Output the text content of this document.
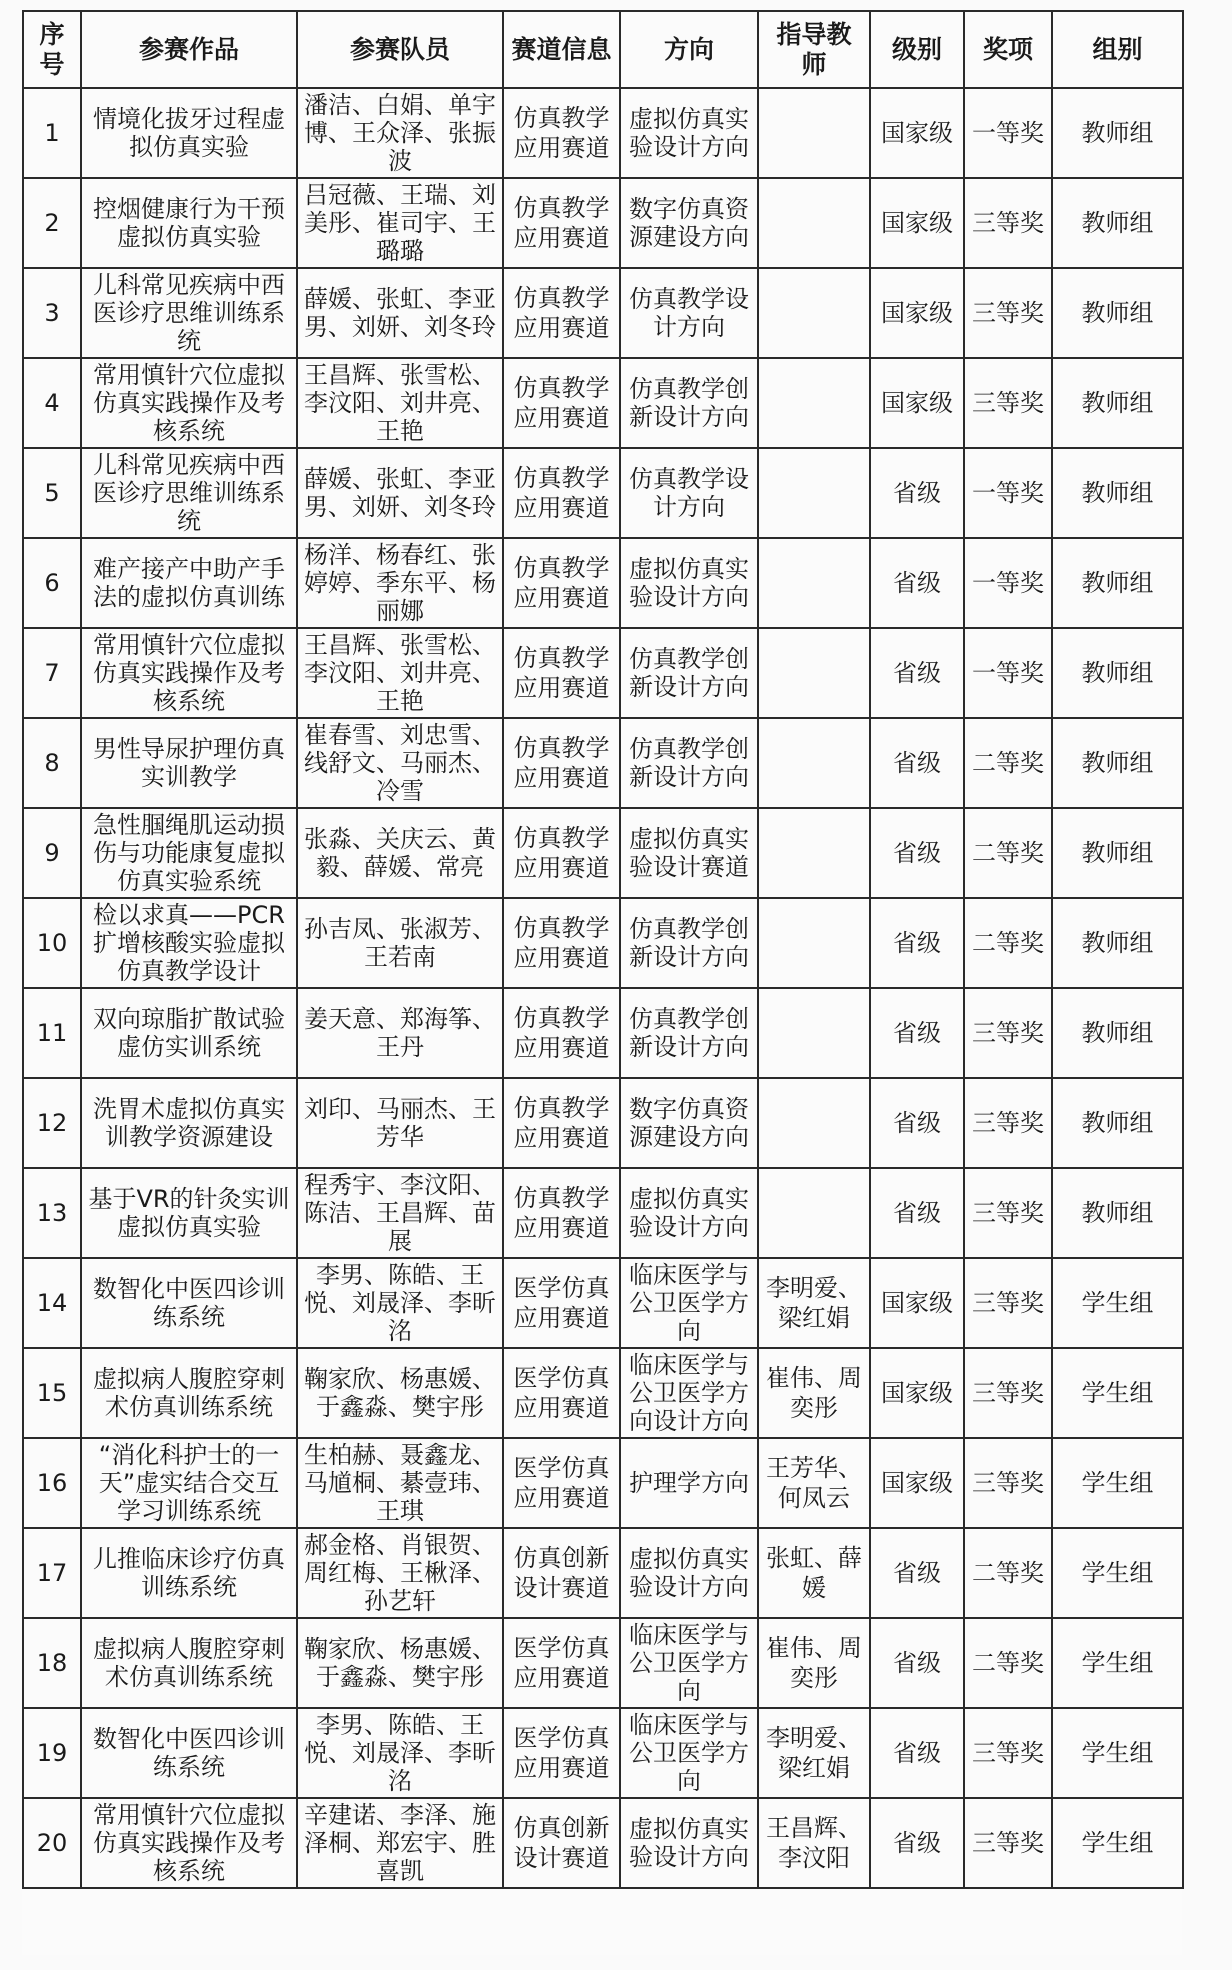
序号	参赛作品	参赛队员	赛道信息	方向	指导教师	级别	奖项	组别
1	情境化拔牙过程虚拟仿真实验	潘洁、白娟、单宇博、王众泽、张振波	仿真教学应用赛道	虚拟仿真实验设计方向		国家级	一等奖	教师组
2	控烟健康行为干预虚拟仿真实验	吕冠薇、王瑞、刘美彤、崔司宇、王璐璐	仿真教学应用赛道	数字仿真资源建设方向		国家级	三等奖	教师组
3	儿科常见疾病中西医诊疗思维训练系统	薛媛、张虹、李亚男、刘妍、刘冬玲	仿真教学应用赛道	仿真教学设计方向		国家级	三等奖	教师组
4	常用慎针穴位虚拟仿真实践操作及考核系统	王昌辉、张雪松、李汶阳、刘井亮、王艳	仿真教学应用赛道	仿真教学创新设计方向		国家级	三等奖	教师组
5	儿科常见疾病中西医诊疗思维训练系统	薛媛、张虹、李亚男、刘妍、刘冬玲	仿真教学应用赛道	仿真教学设计方向		省级	一等奖	教师组
6	难产接产中助产手法的虚拟仿真训练	杨洋、杨春红、张婷婷、季东平、杨丽娜	仿真教学应用赛道	虚拟仿真实验设计方向		省级	一等奖	教师组
7	常用慎针穴位虚拟仿真实践操作及考核系统	王昌辉、张雪松、李汶阳、刘井亮、王艳	仿真教学应用赛道	仿真教学创新设计方向		省级	一等奖	教师组
8	男性导尿护理仿真实训教学	崔春雪、刘忠雪、线舒文、马丽杰、冷雪	仿真教学应用赛道	仿真教学创新设计方向		省级	二等奖	教师组
9	急性腘绳肌运动损伤与功能康复虚拟仿真实验系统	张淼、关庆云、黄毅、薛媛、常亮	仿真教学应用赛道	虚拟仿真实验设计赛道		省级	二等奖	教师组
10	检以求真——PCR扩增核酸实验虚拟仿真教学设计	孙吉凤、张淑芳、王若南	仿真教学应用赛道	仿真教学创新设计方向		省级	二等奖	教师组
11	双向琼脂扩散试验虚仿实训系统	姜天意、郑海筝、王丹	仿真教学应用赛道	仿真教学创新设计方向		省级	三等奖	教师组
12	洗胃术虚拟仿真实训教学资源建设	刘印、马丽杰、王芳华	仿真教学应用赛道	数字仿真资源建设方向		省级	三等奖	教师组
13	基于VR的针灸实训虚拟仿真实验	程秀宇、李汶阳、陈洁、王昌辉、苗展	仿真教学应用赛道	虚拟仿真实验设计方向		省级	三等奖	教师组
14	数智化中医四诊训练系统	李男、陈皓、王悦、刘晟泽、李昕洺	医学仿真应用赛道	临床医学与公卫医学方向	李明爱、梁红娟	国家级	三等奖	学生组
15	虚拟病人腹腔穿刺术仿真训练系统	鞠家欣、杨惠媛、于鑫淼、樊宇彤	医学仿真应用赛道	临床医学与公卫医学方向设计方向	崔伟、周奕彤	国家级	三等奖	学生组
16	“消化科护士的一天”虚实结合交互学习训练系统	生柏赫、聂鑫龙、马馗桐、綦壹玮、王琪	医学仿真应用赛道	护理学方向	王芳华、何凤云	国家级	三等奖	学生组
17	儿推临床诊疗仿真训练系统	郝金格、肖银贺、周红梅、王楸泽、孙艺轩	仿真创新设计赛道	虚拟仿真实验设计方向	张虹、薛媛	省级	二等奖	学生组
18	虚拟病人腹腔穿刺术仿真训练系统	鞠家欣、杨惠媛、于鑫淼、樊宇彤	医学仿真应用赛道	临床医学与公卫医学方向	崔伟、周奕彤	省级	二等奖	学生组
19	数智化中医四诊训练系统	李男、陈皓、王悦、刘晟泽、李昕洺	医学仿真应用赛道	临床医学与公卫医学方向	李明爱、梁红娟	省级	三等奖	学生组
20	常用慎针穴位虚拟仿真实践操作及考核系统	辛建诺、李泽、施泽桐、郑宏宇、胜喜凯	仿真创新设计赛道	虚拟仿真实验设计方向	王昌辉、李汶阳	省级	三等奖	学生组
